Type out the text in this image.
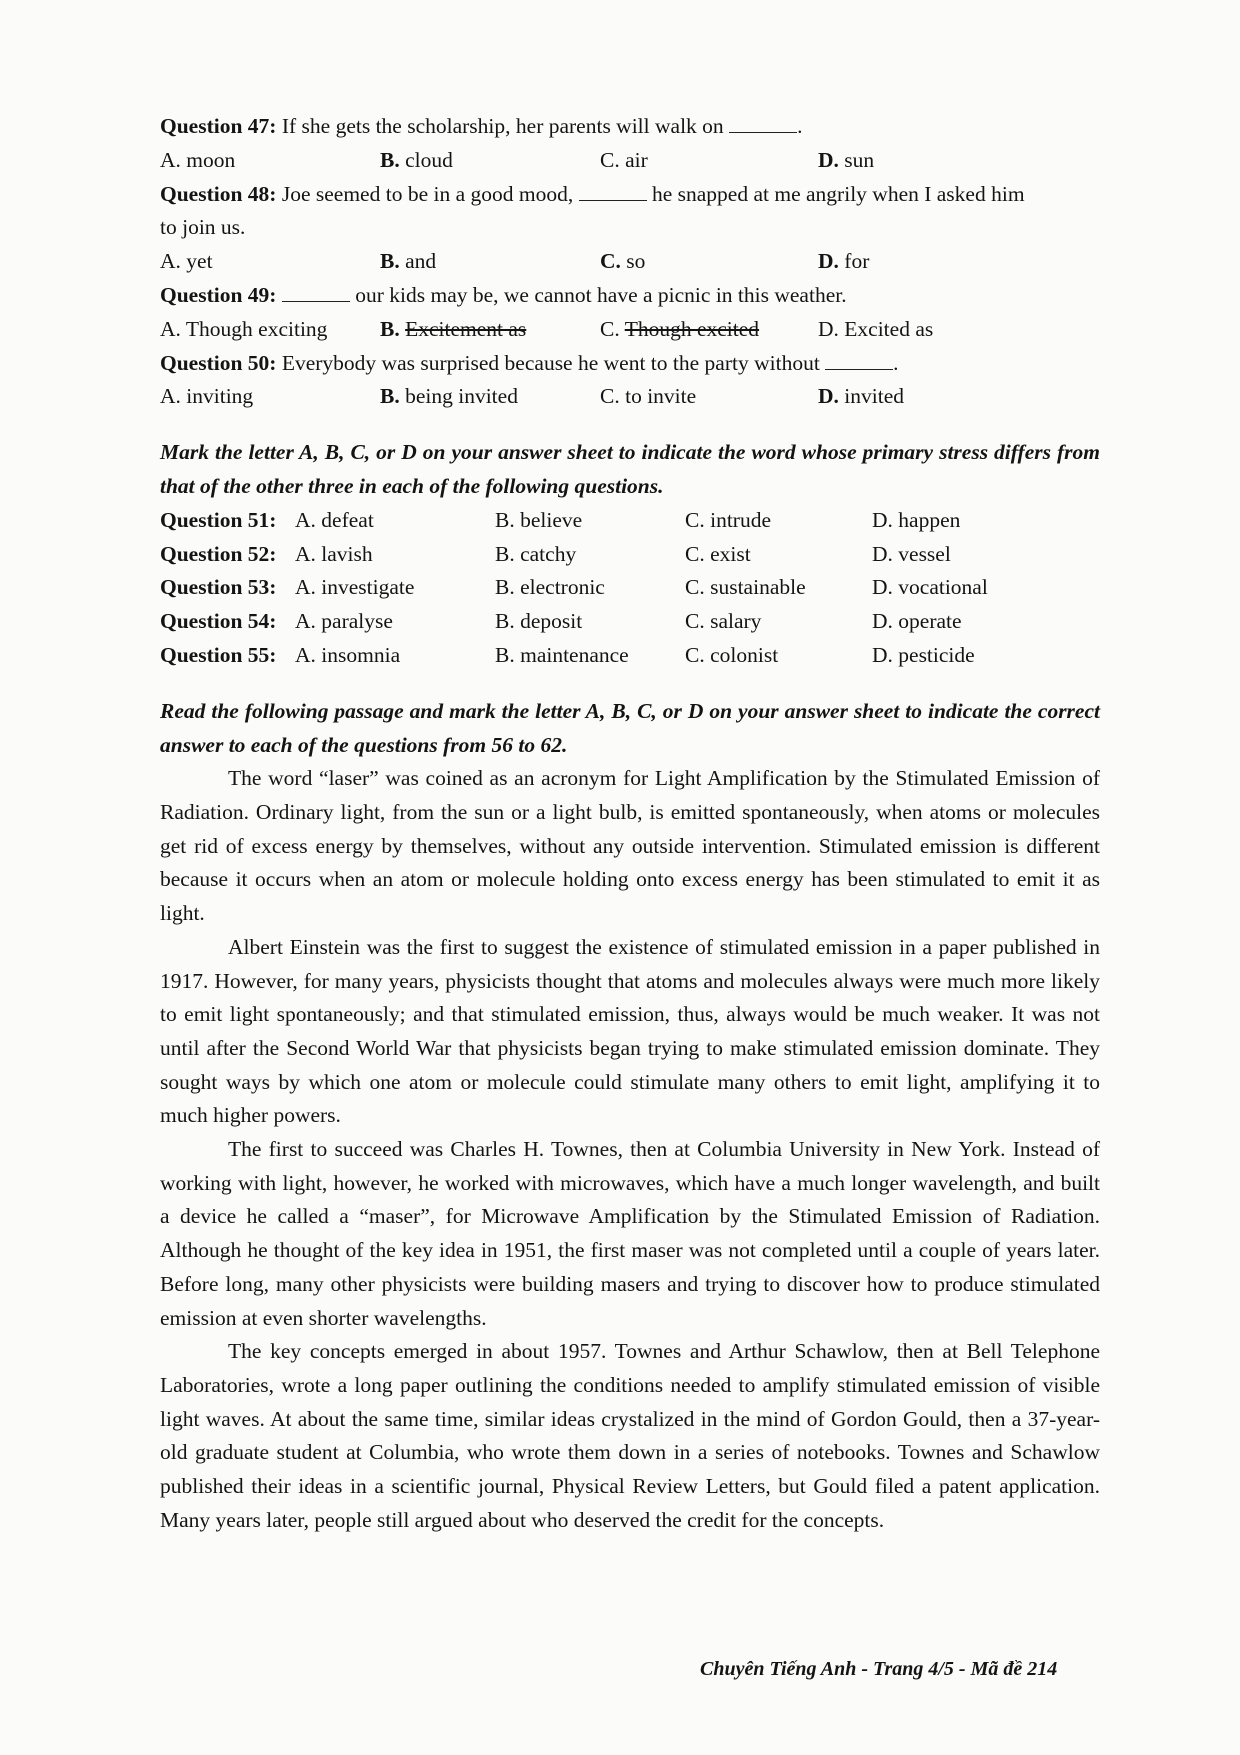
Question 47: If she gets the scholarship, her parents will walk on	.
A. moon	B. cloud	C. air	D. sun
Question 48: Joe seemed to be in a good mood,	he snapped at me angrily when I asked him
to join us.
A. yet	B. and	C. so	D. for
Question 49:	our kids may be, we cannot have a picnic in this weather.
A. Though exciting B. Excitement as	C. Though excited	D. Excited as
Question 50: Everybody was surprised because he went to the party without	.
A. inviting	B. being invited	C. to invite	D. invited
Mark the letter A, B, C, or D on your answer sheet to indicate the word whose primary stress differs from that of the other three in each of the following questions.
Question 51: A. defeat	B. believe	C. intrude	D. happen
Question 52: A. lavish	B. catchy	C. exist	D. vessel
Question 53: A. investigate	B. electronic	C. sustainable	D. vocational
Question 54: A. paralyse	B. deposit	C. salary	D. operate
Question 55: A. insomnia	B. maintenance	C. colonist	D. pesticide
Read the following passage and mark the letter A, B, C, or D on your answer sheet to indicate the correct answer to each of the questions from 56 to 62.

The word “laser” was coined as an acronym for Light Amplification by the Stimulated Emission of Radiation. Ordinary light, from the sun or a light bulb, is emitted spontaneously, when atoms or molecules get rid of excess energy by themselves, without any outside intervention. Stimulated emission is different because it occurs when an atom or molecule holding onto excess energy has been stimulated to emit it as light.

Albert Einstein was the first to suggest the existence of stimulated emission in a paper published in 1917. However, for many years, physicists thought that atoms and molecules always were much more likely to emit light spontaneously; and that stimulated emission, thus, always would be much weaker. It was not until after the Second World War that physicists began trying to make stimulated emission dominate. They sought ways by which one atom or molecule could stimulate many others to emit light, amplifying it to much higher powers.

The first to succeed was Charles H. Townes, then at Columbia University in New York. Instead of working with light, however, he worked with microwaves, which have a much longer wavelength, and built a device he called a “maser”, for Microwave Amplification by the Stimulated Emission of Radiation. Although he thought of the key idea in 1951, the first maser was not completed until a couple of years later. Before long, many other physicists were building masers and trying to discover how to produce stimulated emission at even shorter wavelengths.

The key concepts emerged in about 1957. Townes and Arthur Schawlow, then at Bell Telephone Laboratories, wrote a long paper outlining the conditions needed to amplify stimulated emission of visible light waves. At about the same time, similar ideas crystalized in the mind of Gordon Gould, then a 37-year-old graduate student at Columbia, who wrote them down in a series of notebooks. Townes and Schawlow published their ideas in a scientific journal, Physical Review Letters, but Gould filed a patent application. Many years later, people still argued about who deserved the credit for the concepts.

Chuyên Tiếng Anh - Trang 4/5 - Mã đề 214
